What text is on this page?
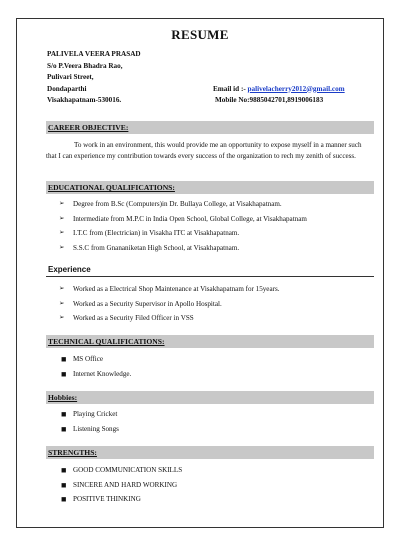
RESUME
PALIVELA VEERA PRASAD
S/o P.Veera Bhadra Rao,
Pulivari Street,
Dondaparthi	Email id :- palivelacherry2012@gmail.com
Visakhapatnam-530016.	Mobile No:9885042701,8919006183
CAREER OBJECTIVE:
To work in an environment, this would provide me an opportunity to expose myself in a manner such that I can experience my contribution towards every success of the organization to rech my zenith of success.
EDUCATIONAL QUALIFICATIONS:
➢ Degree from B.Sc (Computers)in Dr. Bullaya College, at Visakhapatnam.
➢ Intermediate from M.P.C in India Open School, Global College, at Visakhapatnam
➢ I.T.C from (Electrician) in Visakha ITC at Visakhapatnam.
➢ S.S.C from Gnananiketan High School, at Visakhapatnam.
Experience
➢ Worked as a Electrical Shop Maintenance at Visakhapatnam for 15years.
➢ Worked as a Security Supervisor in Apollo Hospital.
➢ Worked as a Security Filed Officer in VSS
TECHNICAL QUALIFICATIONS:
■ MS Office
■ Internet Knowledge.
Hobbies:
■ Playing Cricket
■ Listening Songs
STRENGTHS:
■ GOOD COMMUNICATION SKILLS
■ SINCERE AND HARD WORKING
■ POSITIVE THINKING
